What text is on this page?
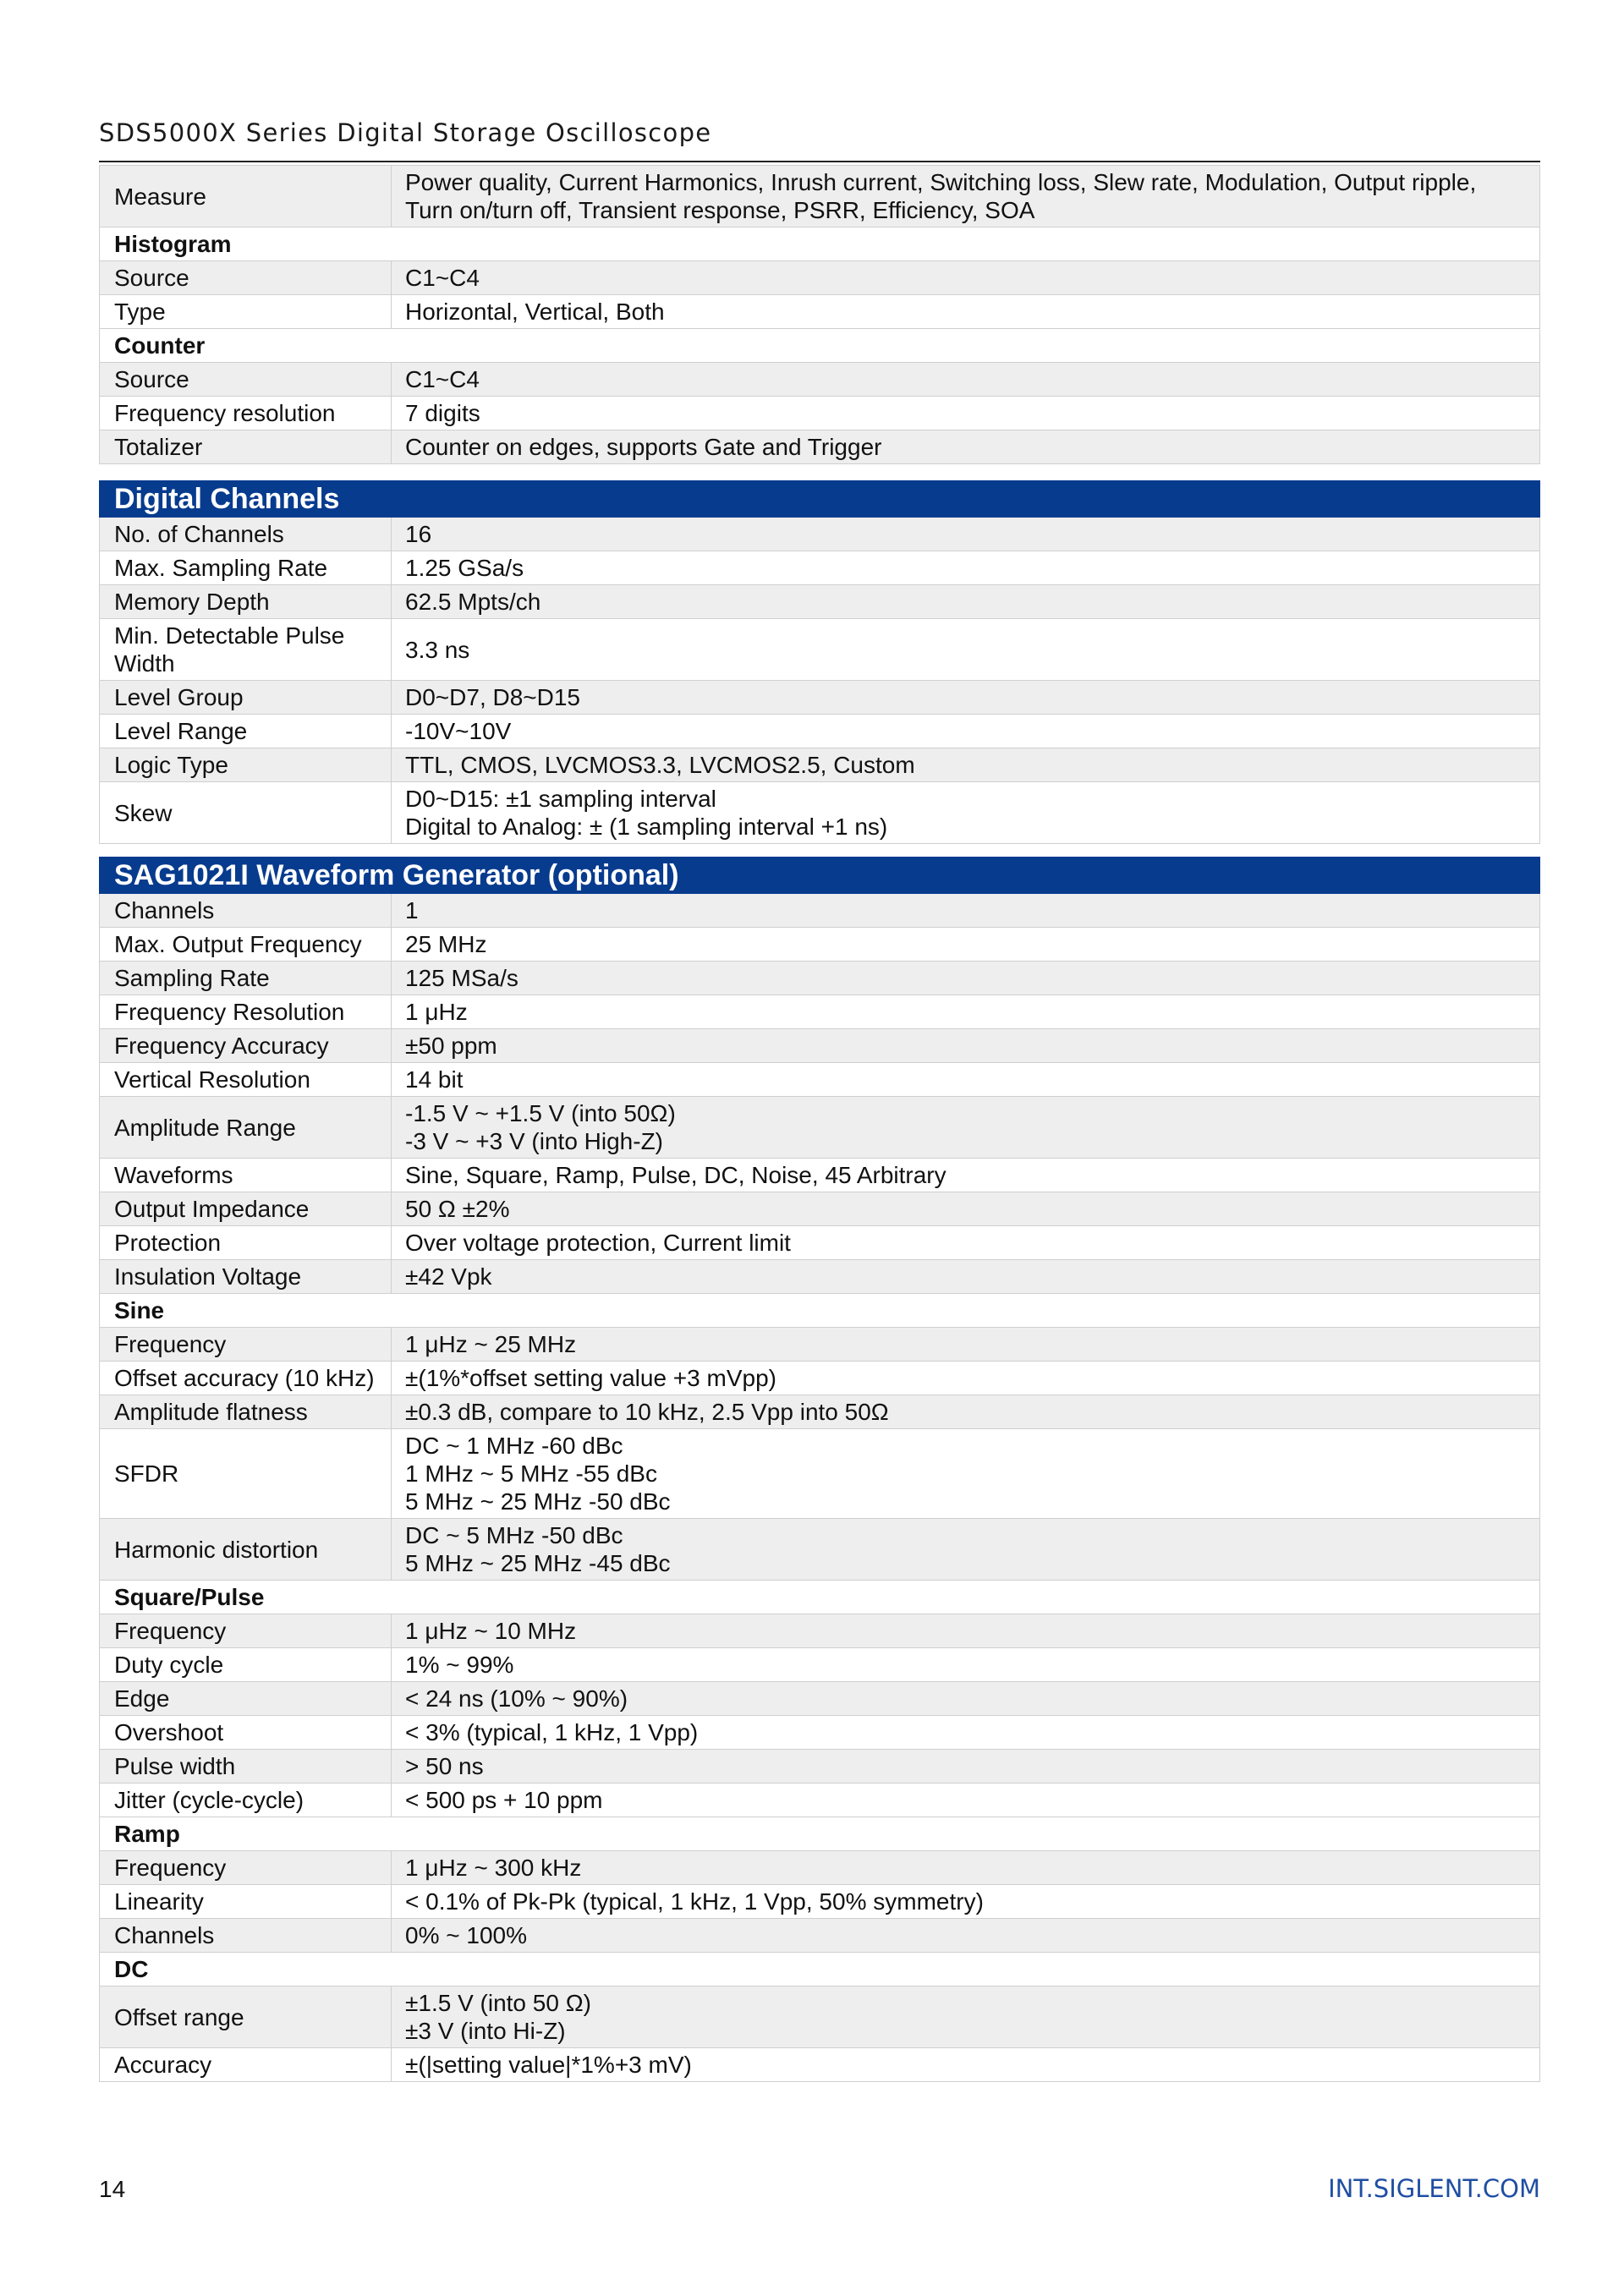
SDS5000X Series Digital Storage Oscilloscope
Measure	Power quality, Current Harmonics, Inrush current, Switching loss, Slew rate, Modulation, Output ripple, Turn on/turn off, Transient response, PSRR, Efficiency, SOA
Histogram	
Source	C1~C4
Type	Horizontal, Vertical, Both
Counter	
Source	C1~C4
Frequency resolution	7 digits
Totalizer	Counter on edges, supports Gate and Trigger
Digital Channels	
No. of Channels	16
Max. Sampling Rate	1.25 GSa/s
Memory Depth	62.5 Mpts/ch
Min. Detectable Pulse Width	3.3 ns
Level Group	D0~D7, D8~D15
Level Range	-10V~10V
Logic Type	TTL, CMOS, LVCMOS3.3, LVCMOS2.5, Custom
Skew	D0~D15: ±1 sampling interval
Digital to Analog: ± (1 sampling interval +1 ns)
SAG1021I Waveform Generator (optional)	
Channels	1
Max. Output Frequency	25 MHz
Sampling Rate	125 MSa/s
Frequency Resolution	1 μHz
Frequency Accuracy	±50 ppm
Vertical Resolution	14 bit
Amplitude Range	-1.5 V ~ +1.5 V (into 50Ω)
-3 V ~ +3 V (into High-Z)
Waveforms	Sine, Square, Ramp, Pulse, DC, Noise, 45 Arbitrary
Output Impedance	50 Ω ±2%
Protection	Over voltage protection, Current limit
Insulation Voltage	±42 Vpk
Sine	
Frequency	1 μHz ~ 25 MHz
Offset accuracy (10 kHz)	±(1%*offset setting value +3 mVpp)
Amplitude flatness	±0.3 dB, compare to 10 kHz, 2.5 Vpp into 50Ω
SFDR	DC ~ 1 MHz -60 dBc
1 MHz ~ 5 MHz -55 dBc
5 MHz ~ 25 MHz -50 dBc
Harmonic distortion	DC ~ 5 MHz -50 dBc
5 MHz ~ 25 MHz -45 dBc
Square/Pulse	
Frequency	1 μHz ~ 10 MHz
Duty cycle	1% ~ 99%
Edge	< 24 ns (10% ~ 90%)
Overshoot	< 3% (typical, 1 kHz, 1 Vpp)
Pulse width	> 50 ns
Jitter (cycle-cycle)	< 500 ps + 10 ppm
Ramp	
Frequency	1 μHz ~ 300 kHz
Linearity	< 0.1% of Pk-Pk (typical, 1 kHz, 1 Vpp, 50% symmetry)
Channels	0% ~ 100%
DC	
Offset range	±1.5 V (into 50 Ω)
±3 V (into Hi-Z)
Accuracy	±(|setting value|*1%+3 mV)
14	INT.SIGLENT.COM
